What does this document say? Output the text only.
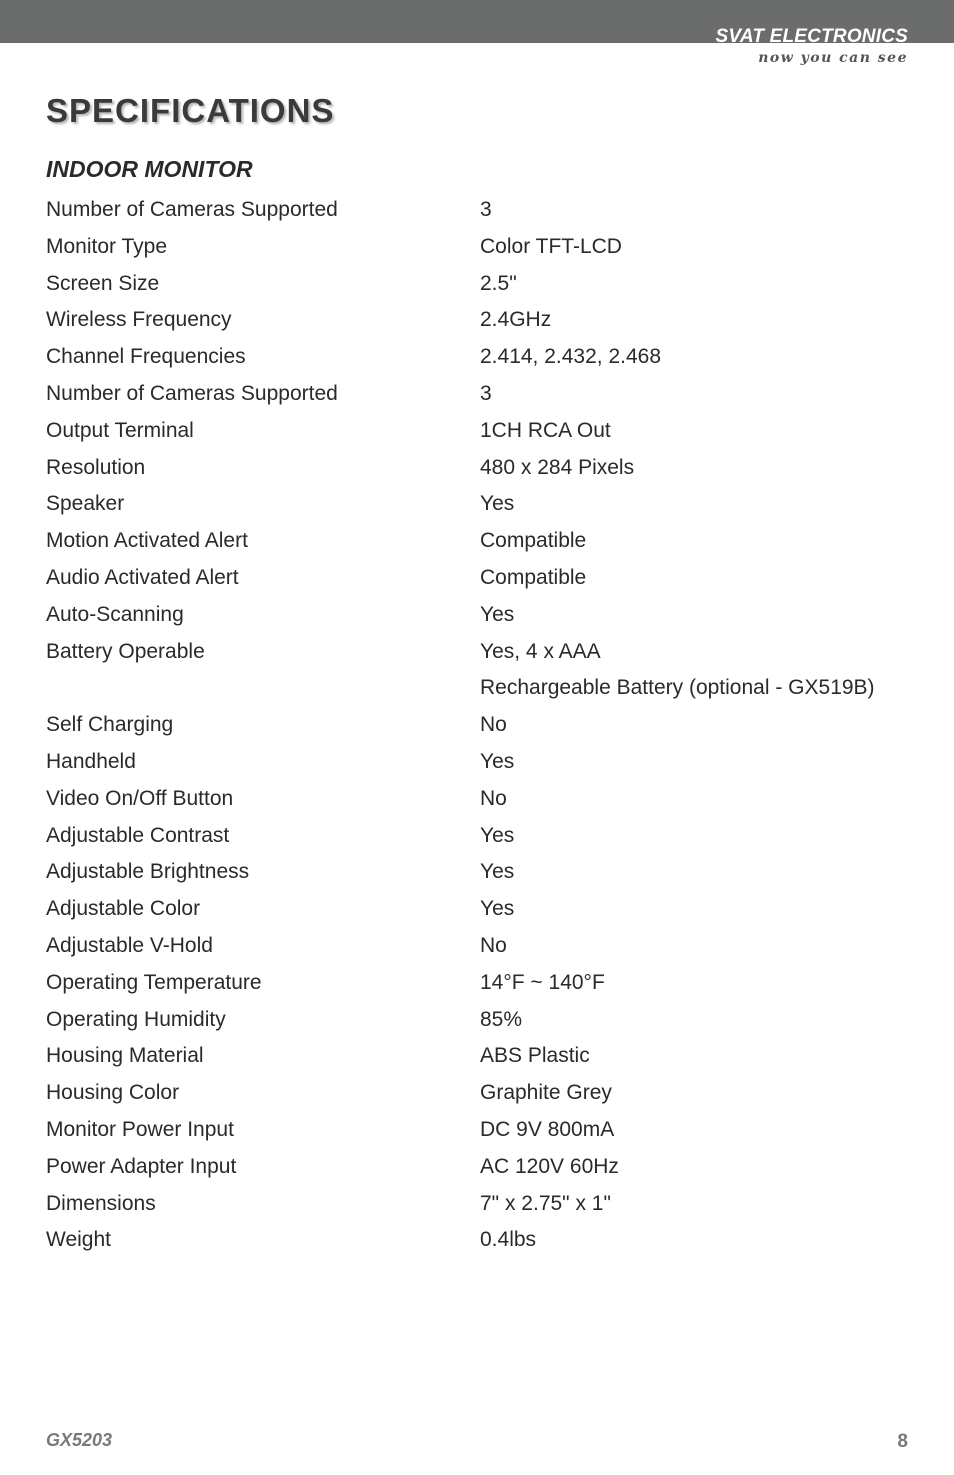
SVAT ELECTRONICS
now you can see
SPECIFICATIONS
INDOOR MONITOR
Number of Cameras Supported	3
Monitor Type	Color TFT-LCD
Screen Size	2.5"
Wireless Frequency	2.4GHz
Channel Frequencies	2.414, 2.432, 2.468
Number of Cameras Supported	3
Output Terminal	1CH RCA Out
Resolution	480 x 284 Pixels
Speaker	Yes
Motion Activated Alert	Compatible
Audio Activated Alert	Compatible
Auto-Scanning	Yes
Battery Operable	Yes, 4 x AAA
Rechargeable Battery (optional - GX519B)
Self Charging	No
Handheld	Yes
Video On/Off Button	No
Adjustable Contrast	Yes
Adjustable Brightness	Yes
Adjustable Color	Yes
Adjustable V-Hold	No
Operating Temperature	14°F ~ 140°F
Operating Humidity	85%
Housing Material	ABS Plastic
Housing Color	Graphite Grey
Monitor Power Input	DC 9V 800mA
Power Adapter Input	AC 120V 60Hz
Dimensions	7" x 2.75" x 1"
Weight	0.4lbs
GX5203	8
